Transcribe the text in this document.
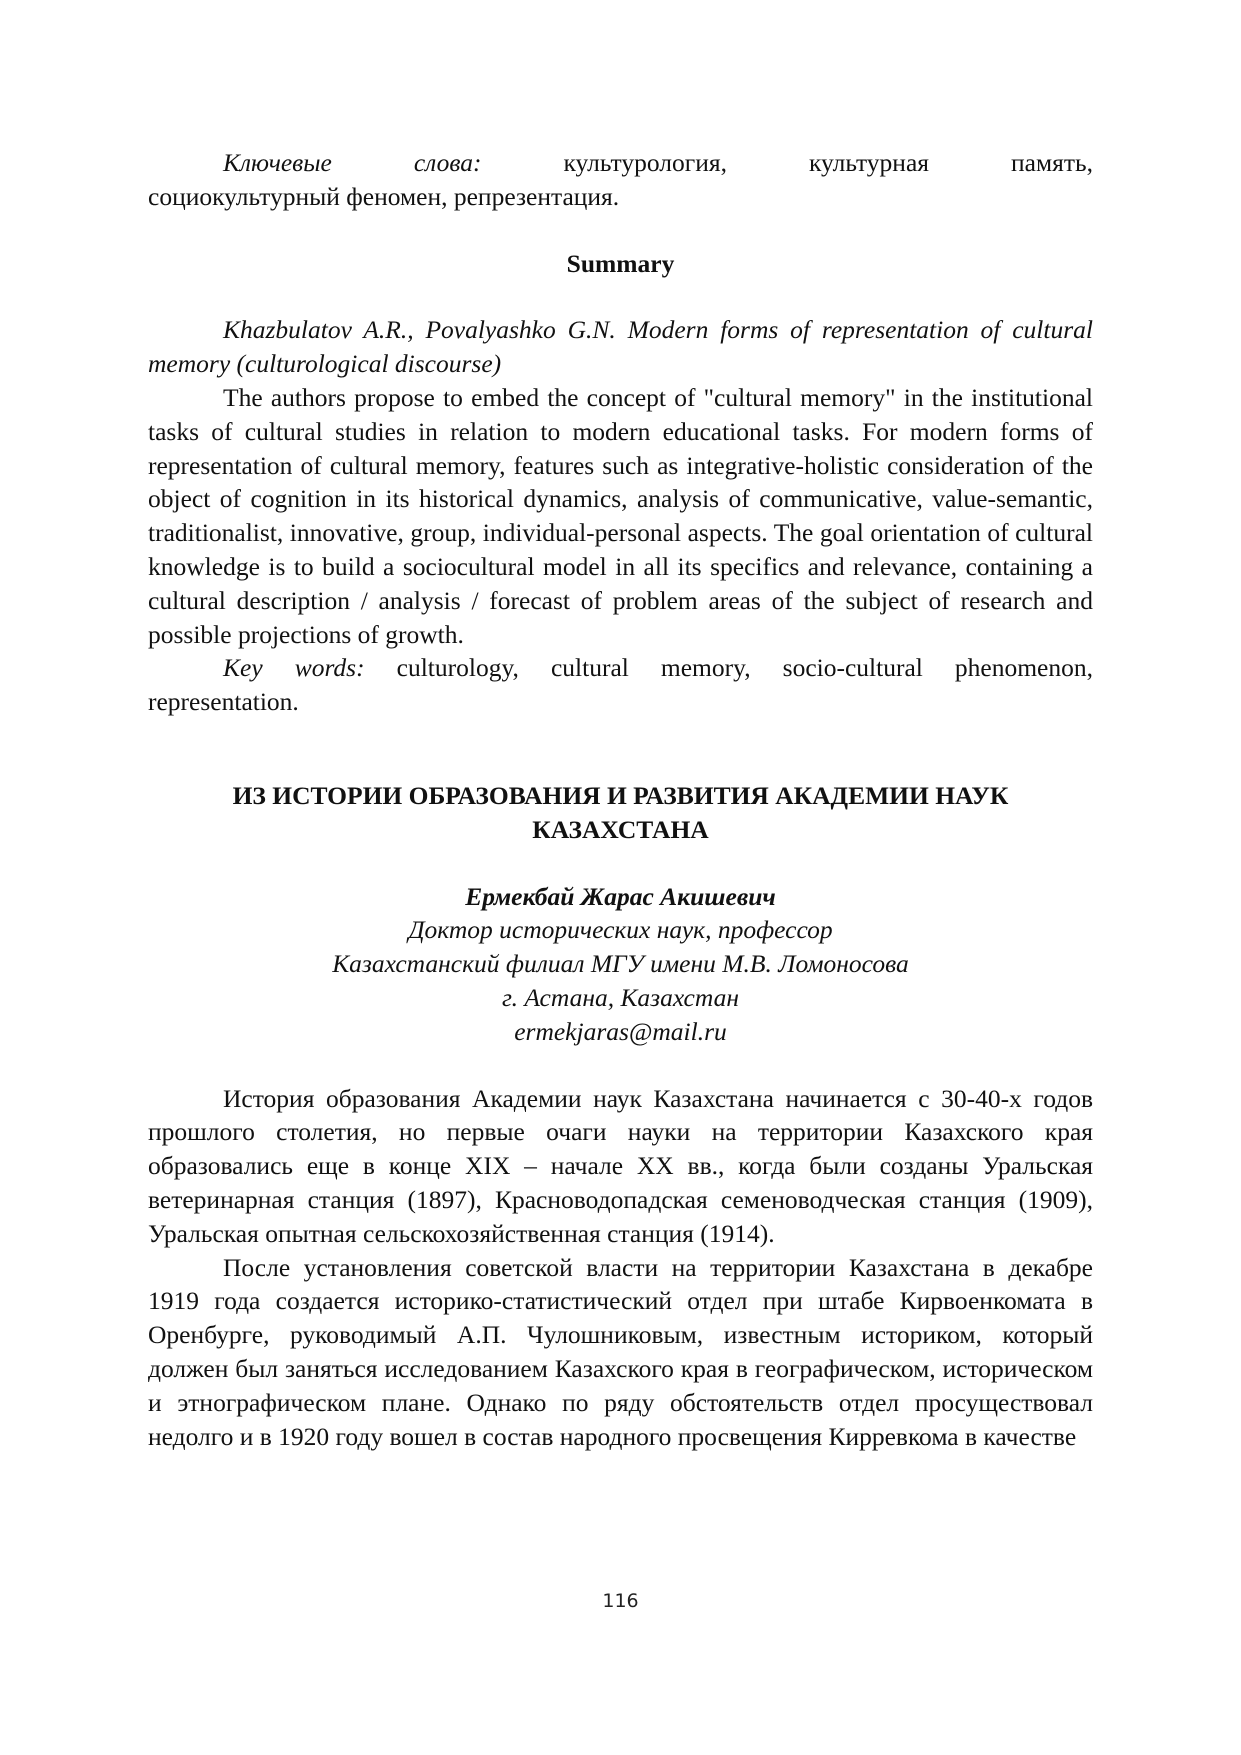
Ключевые слова:	культурология, культурная память,

социокультурный феномен, репрезентация.

Summary

Khazbulatov A.R., Povalyashko G.N. Modern forms of representation of cultural memory (culturological discourse)

The authors propose to embed the concept of "cultural memory" in the institutional tasks of cultural studies in relation to modern educational tasks. For modern forms of representation of cultural memory, features such as integrative-holistic consideration of the object of cognition in its historical dynamics, analysis of communicative, value-semantic, traditionalist, innovative, group, individual-personal aspects. The goal orientation of cultural knowledge is to build a sociocultural model in all its specifics and relevance, containing a cultural description / analysis / forecast of problem areas of the subject of research and possible projections of growth.

Key words: culturology, cultural memory, socio-cultural phenomenon, representation.

ИЗ ИСТОРИИ ОБРАЗОВАНИЯ И РАЗВИТИЯ АКАДЕМИИ НАУК
КАЗАХСТАНА

Ермекбай Жарас Акишевич

Доктор исторических наук, профессор

Казахстанский филиал МГУ имени М.В. Ломоносова

г. Астана, Казахстан

ermekjaras@mail.ru

История образования Академии наук Казахстана начинается с 30-40-х годов прошлого столетия, но первые очаги науки на территории Казахского края образовались еще в конце XIX – начале XX вв., когда были созданы Уральская ветеринарная станция (1897), Красноводопадская семеноводческая станция (1909), Уральская опытная сельскохозяйственная станция (1914).

После установления советской власти на территории Казахстана в декабре 1919 года создается историко-статистический отдел при штабе Кирвоенкомата в Оренбурге, руководимый А.П. Чулошниковым, известным историком, который должен был заняться исследованием Казахского края в географическом, историческом и этнографическом плане. Однако по ряду обстоятельств отдел просуществовал недолго и в 1920 году вошел в состав народного просвещения Кирревкома в качестве

116
